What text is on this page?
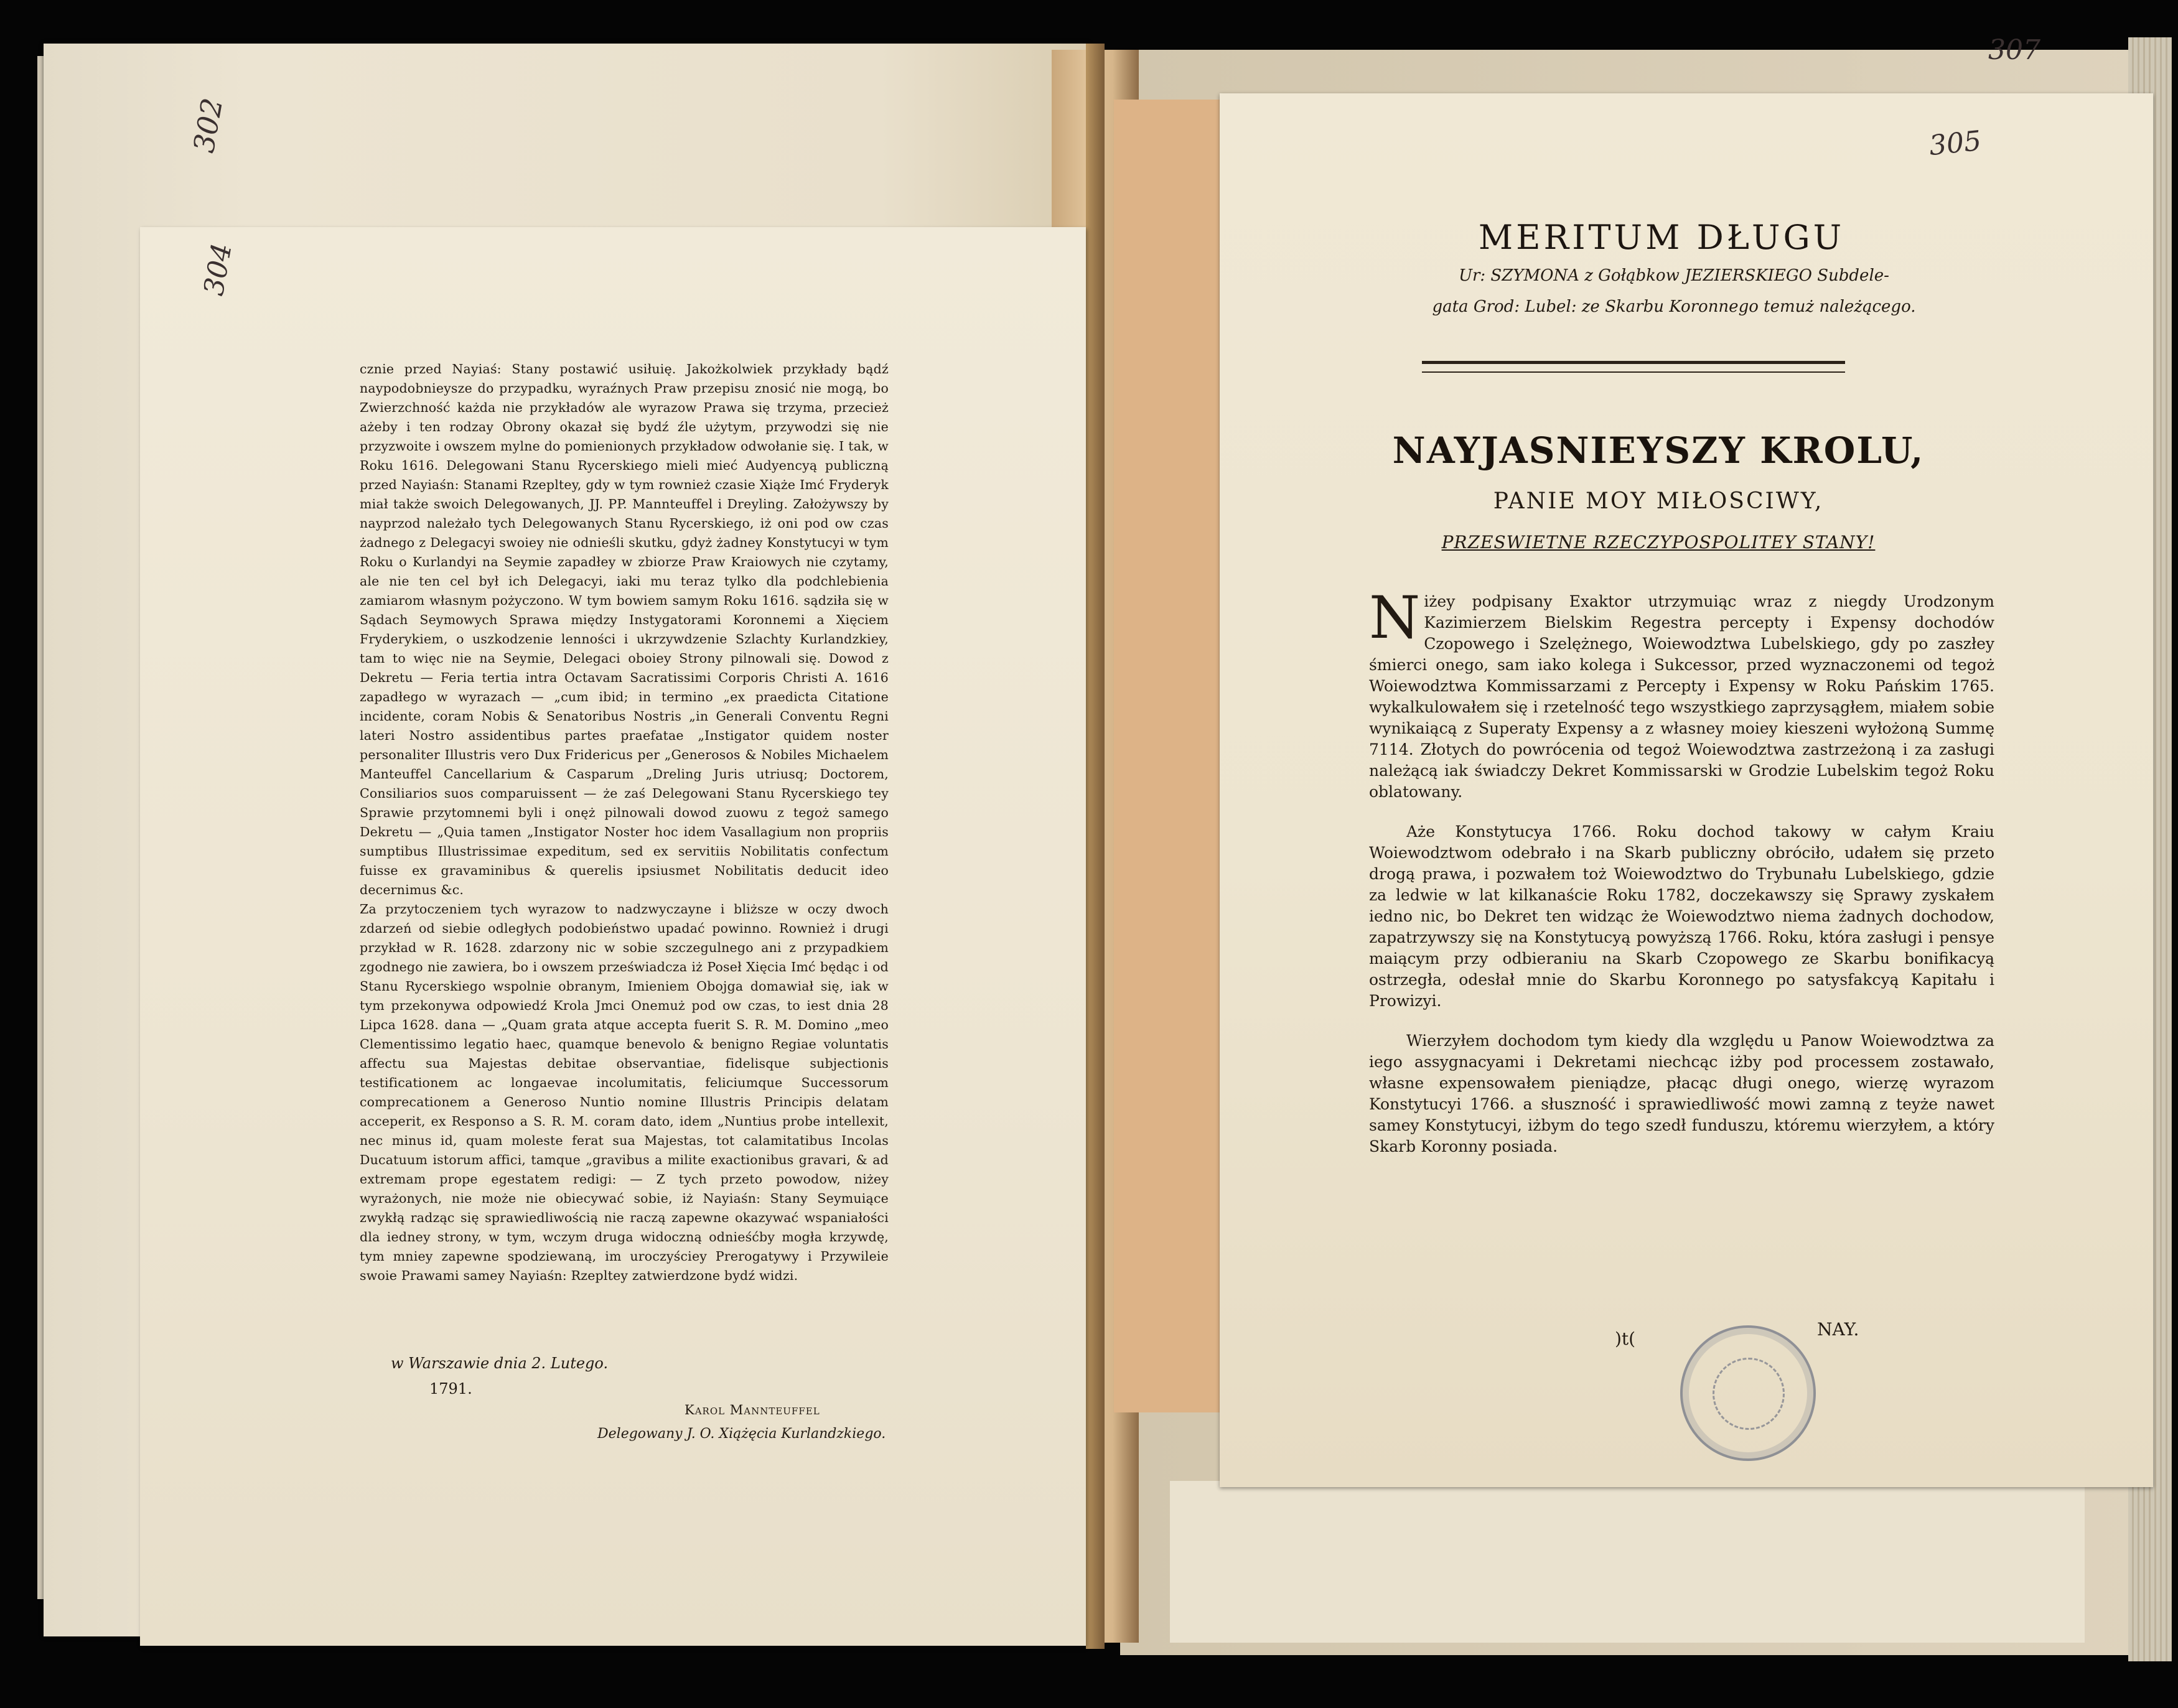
302
304

cznie przed Nayiaś: Stany postawić usiłuię. Jakożkolwiek przykłady bądź naypodobnieysze do przypadku, wyraźnych Praw przepisu znosić nie mogą, bo Zwierzchność każda nie przykładów ale wyrazow Prawa się trzyma, przecież ażeby i ten rodzay Obrony okazał się bydź źle użytym, przywodzi się nie przyzwoite i owszem mylne do pomienionych przykładow odwołanie się. I tak, w Roku 1616. Delegowani Stanu Rycerskiego mieli mieć Audyencyą publiczną przed Nayiaśn: Stanami Rzepltey, gdy w tym rownież czasie Xiąże Imć Fryderyk miał także swoich Delegowanych, JJ. PP. Mannteuffel i Dreyling. Założywszy by nayprzod należało tych Delegowanych Stanu Rycerskiego, iż oni pod ow czas żadnego z Delegacyi swoiey nie odnieśli skutku, gdyż żadney Konstytucyi w tym Roku o Kurlandyi na Seymie zapadłey w zbiorze Praw Kraiowych nie czytamy, ale nie ten cel był ich Delegacyi, iaki mu teraz tylko dla podchlebienia zamiarom własnym pożyczono. W tym bowiem samym Roku 1616. sądziła się w Sądach Seymowych Sprawa między Instygatorami Koronnemi a Xięciem Fryderykiem, o uszkodzenie lenności i ukrzywdzenie Szlachty Kurlandzkiey, tam to więc nie na Seymie, Delegaci oboiey Strony pilnowali się. Dowod z Dekretu — Feria tertia intra Octavam Sacratissimi Corporis Christi A. 1616 zapadłego w wyrazach — „cum ibid; in termino „ex praedicta Citatione incidente, coram Nobis & Senatoribus Nostris „in Generali Conventu Regni lateri Nostro assidentibus partes praefatae „Instigator quidem noster personaliter Illustris vero Dux Fridericus per „Generosos & Nobiles Michaelem Manteuffel Cancellarium & Casparum „Dreling Juris utriusq; Doctorem, Consiliarios suos comparuissent — że zaś Delegowani Stanu Rycerskiego tey Sprawie przytomnemi byli i onęż pilnowali dowod zuowu z tegoż samego Dekretu — „Quia tamen „Instigator Noster hoc idem Vasallagium non propriis sumptibus Illustrissimae expeditum, sed ex servitiis Nobilitatis confectum fuisse ex gravaminibus & querelis ipsiusmet Nobilitatis deducit ideo decernimus &c.

Za przytoczeniem tych wyrazow to nadzwyczayne i bliższe w oczy dwoch zdarzeń od siebie odległych podobieństwo upadać powinno. Rownież i drugi przykład w R. 1628. zdarzony nic w sobie szczegulnego ani z przypadkiem zgodnego nie zawiera, bo i owszem przeświadcza iż Poseł Xięcia Imć będąc i od Stanu Rycerskiego wspolnie obranym, Imieniem Obojga domawiał się, iak w tym przekonywa odpowiedź Krola Jmci Onemuż pod ow czas, to iest dnia 28 Lipca 1628. dana — „Quam grata atque accepta fuerit S. R. M. Domino „meo Clementissimo legatio haec, quamque benevolo & benigno Regiae voluntatis affectu sua Majestas debitae observantiae, fidelisque subjectionis testificationem ac longaevae incolumitatis, feliciumque Successorum comprecationem a Generoso Nuntio nomine Illustris Principis delatam acceperit, ex Responso a S. R. M. coram dato, idem „Nuntius probe intellexit, nec minus id, quam moleste ferat sua Majestas, tot calamitatibus Incolas Ducatuum istorum affici, tamque „gravibus a milite exactionibus gravari, & ad extremam prope egestatem redigi: — Z tych przeto powodow, niżey wyrażonych, nie może nie obiecywać sobie, iż Nayiaśn: Stany Seymuiące zwykłą radząc się sprawiedliwością nie raczą zapewne okazywać wspaniałości dla iedney strony, w tym, wczym druga widoczną odnieśćby mogła krzywdę, tym mniey zapewne spodziewaną, im uroczyściey Prerogatywy i Przywileie swoie Prawami samey Nayiaśn: Rzepltey zatwierdzone bydź widzi.

w Warszawie dnia 2. Lutego.
1791.
Karol Mannteuffel
Delegowany J. O. Xiążęcia Kurlandzkiego.
307
305
MERITUM DŁUGU
Ur: SZYMONA z Gołąbkow JEZIERSKIEGO Subdele-
gata Grod: Lubel: ze Skarbu Koronnego temuż należącego.
NAYJASNIEYSZY KROLU,
PANIE MOY MIŁOSCIWY,
PRZESWIETNE RZECZYPOSPOLITEY STANY!

Niżey podpisany Exaktor utrzymuiąc wraz z niegdy Urodzonym Kazimierzem Bielskim Regestra percepty i Expensy dochodów Czopowego i Szelężnego, Woiewodztwa Lubelskiego, gdy po zaszłey śmierci onego, sam iako kolega i Sukcessor, przed wyznaczonemi od tegoż Woiewodztwa Kommissarzami z Percepty i Expensy w Roku Pańskim 1765. wykalkulowałem się i rzetelność tego wszystkiego zaprzysągłem, miałem sobie wynikaiącą z Superaty Expensy a z własney moiey kieszeni wyłożoną Summę 7114. Złotych do powrócenia od tegoż Woiewodztwa zastrzeżoną i za zasługi należącą iak świadczy Dekret Kommissarski w Grodzie Lubelskim tegoż Roku oblatowany.

Aże Konstytucya 1766. Roku dochod takowy w całym Kraiu Woiewodztwom odebrało i na Skarb publiczny obróciło, udałem się przeto drogą prawa, i pozwałem toż Woiewodztwo do Trybunału Lubelskiego, gdzie za ledwie w lat kilkanaście Roku 1782, doczekawszy się Sprawy zyskałem iedno nic, bo Dekret ten widząc że Woiewodztwo niema żadnych dochodow, zapatrzywszy się na Konstytucyą powyższą 1766. Roku, która zasługi i pensye maiącym przy odbieraniu na Skarb Czopowego ze Skarbu bonifikacyą ostrzegła, odesłał mnie do Skarbu Koronnego po satysfakcyą Kapitału i Prowizyi.

Wierzyłem dochodom tym kiedy dla względu u Panow Woiewodztwa za iego assygnacyami i Dekretami niechcąc iżby pod processem zostawało, własne expensowałem pieniądze, płacąc długi onego, wierzę wyrazom Konstytucyi 1766. a słuszność i sprawiedliwość mowi zamną z teyże nawet samey Konstytucyi, iżbym do tego szedł funduszu, któremu wierzyłem, a który Skarb Koronny posiada.

)t(	NAY.
